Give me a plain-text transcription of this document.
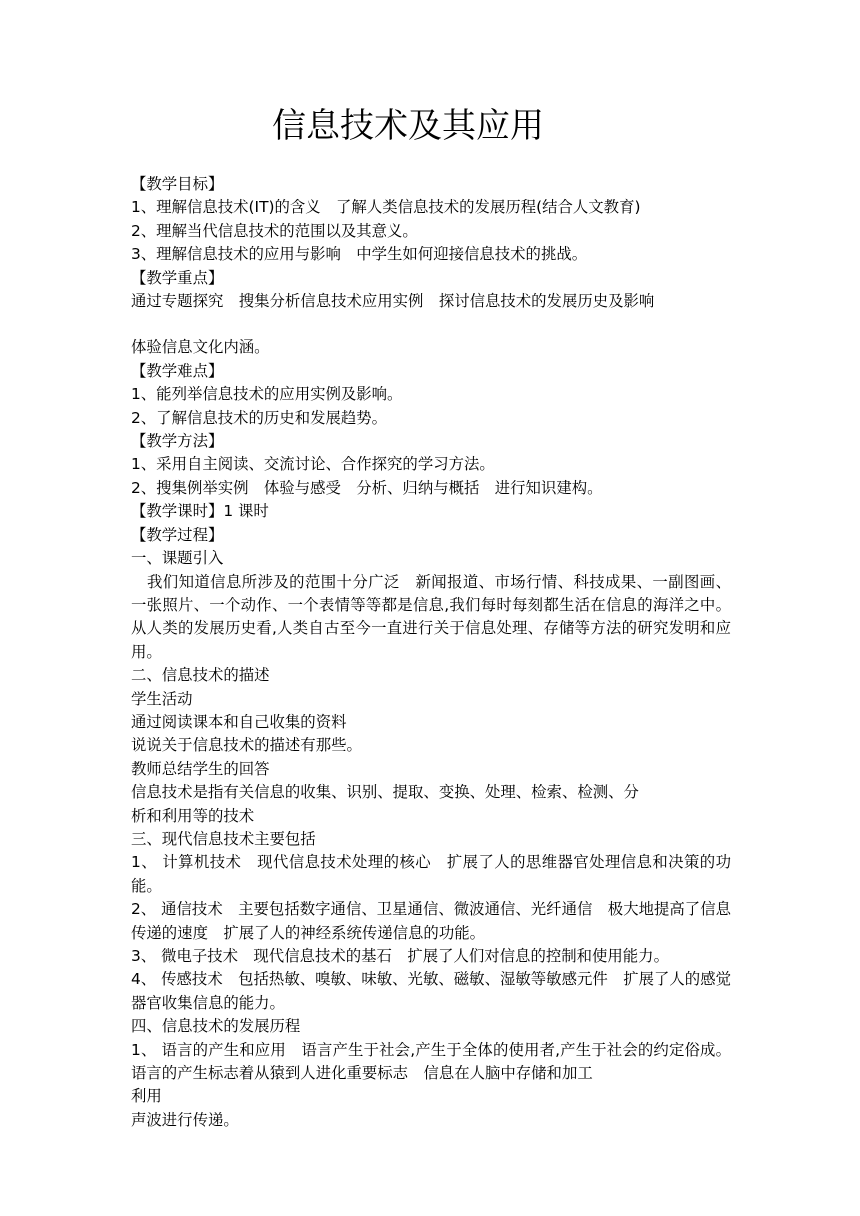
信息技术及其应用
【教学目标】
1、理解信息技术(IT)的含义　了解人类信息技术的发展历程(结合人文教育)
2、理解当代信息技术的范围以及其意义。
3、理解信息技术的应用与影响　中学生如何迎接信息技术的挑战。
【教学重点】
通过专题探究　搜集分析信息技术应用实例　探讨信息技术的发展历史及影响
体验信息文化内涵。
【教学难点】
1、能列举信息技术的应用实例及影响。
2、了解信息技术的历史和发展趋势。
【教学方法】
1、采用自主阅读、交流讨论、合作探究的学习方法。
2、搜集例举实例　体验与感受　分析、归纳与概括　进行知识建构。
【教学课时】1 课时
【教学过程】
一、课题引入
我们知道信息所涉及的范围十分广泛　新闻报道、市场行情、科技成果、一副图画、一张照片、一个动作、一个表情等等都是信息,我们每时每刻都生活在信息的海洋之中。从人类的发展历史看,人类自古至今一直进行关于信息处理、存储等方法的研究发明和应用。
二、信息技术的描述
学生活动
通过阅读课本和自己收集的资料
说说关于信息技术的描述有那些。
教师总结学生的回答
信息技术是指有关信息的收集、识别、提取、变换、处理、检索、检测、分
析和利用等的技术
三、现代信息技术主要包括
1、 计算机技术　现代信息技术处理的核心　扩展了人的思维器官处理信息和决策的功能。
2、 通信技术　主要包括数字通信、卫星通信、微波通信、光纤通信　极大地提高了信息传递的速度　扩展了人的神经系统传递信息的功能。
3、 微电子技术　现代信息技术的基石　扩展了人们对信息的控制和使用能力。
4、 传感技术　包括热敏、嗅敏、味敏、光敏、磁敏、湿敏等敏感元件　扩展了人的感觉器官收集信息的能力。
四、信息技术的发展历程
1、 语言的产生和应用　语言产生于社会,产生于全体的使用者,产生于社会的约定俗成。语言的产生标志着从猿到人进化重要标志　信息在人脑中存储和加工
利用
声波进行传递。
